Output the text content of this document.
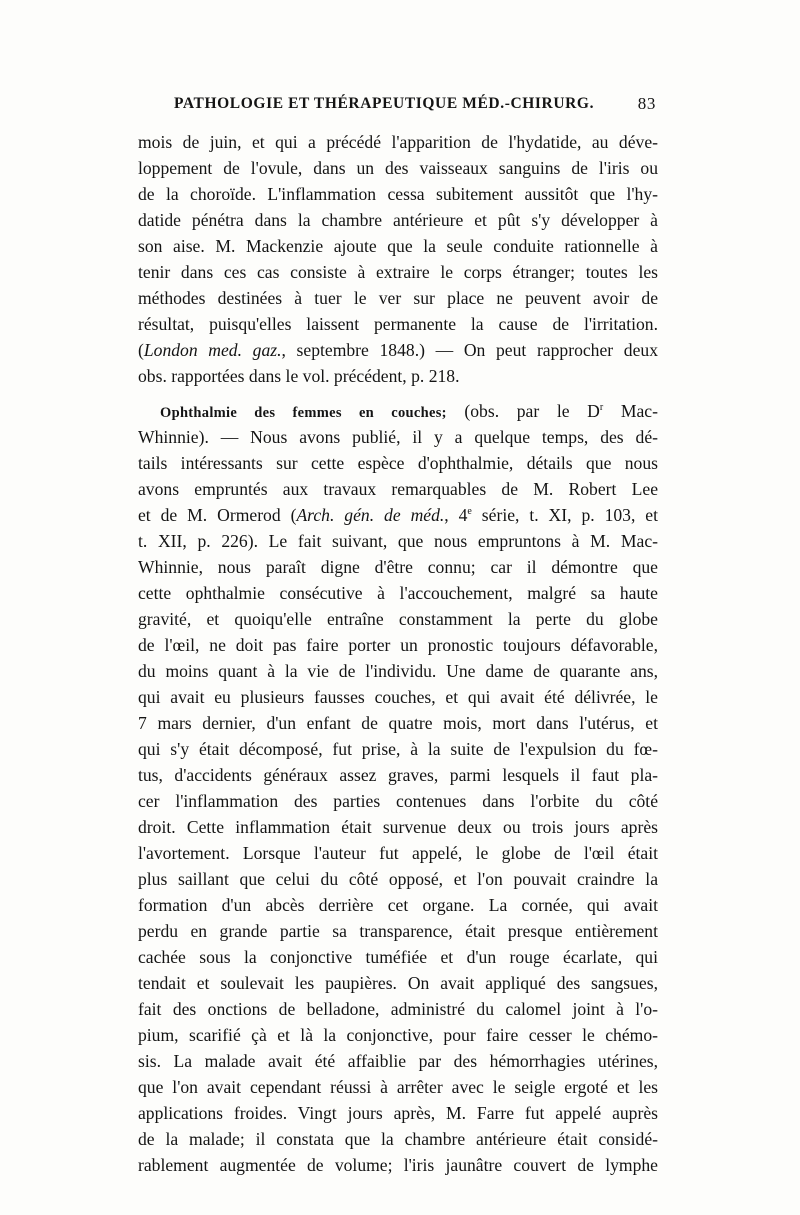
PATHOLOGIE ET THÉRAPEUTIQUE MÉD.-CHIRURG.	83
mois de juin, et qui a précédé l'apparition de l'hydatide, au déve-
loppement de l'ovule, dans un des vaisseaux sanguins de l'iris ou
de la choroïde. L'inflammation cessa subitement aussitôt que l'hy-
datide pénétra dans la chambre antérieure et pût s'y développer à
son aise. M. Mackenzie ajoute que la seule conduite rationnelle à
tenir dans ces cas consiste à extraire le corps étranger; toutes les
méthodes destinées à tuer le ver sur place ne peuvent avoir de
résultat, puisqu'elles laissent permanente la cause de l'irritation.
(London med. gaz., septembre 1848.) — On peut rapprocher deux
obs. rapportées dans le vol. précédent, p. 218.
Ophthalmie des femmes en couches; (obs. par le $D^r$ Mac-
Whinnie). — Nous avons publié, il y a quelque temps, des dé-
tails intéressants sur cette espèce d'ophthalmie, détails que nous
avons empruntés aux travaux remarquables de M. Robert Lee
et de M. Ormerod (Arch. gén. de méd., 4e série, t. XI, p. 103, et
t. XII, p. 226). Le fait suivant, que nous empruntons à M. Mac-
Whinnie, nous paraît digne d'être connu; car il démontre que
cette ophthalmie consécutive à l'accouchement, malgré sa haute
gravité, et quoiqu'elle entraîne constamment la perte du globe
de l'œil, ne doit pas faire porter un pronostic toujours défavorable,
du moins quant à la vie de l'individu. Une dame de quarante ans,
qui avait eu plusieurs fausses couches, et qui avait été délivrée, le
7 mars dernier, d'un enfant de quatre mois, mort dans l'utérus, et
qui s'y était décomposé, fut prise, à la suite de l'expulsion du fœ-
tus, d'accidents généraux assez graves, parmi lesquels il faut pla-
cer l'inflammation des parties contenues dans l'orbite du côté
droit. Cette inflammation était survenue deux ou trois jours après
l'avortement. Lorsque l'auteur fut appelé, le globe de l'œil était
plus saillant que celui du côté opposé, et l'on pouvait craindre la
formation d'un abcès derrière cet organe. La cornée, qui avait
perdu en grande partie sa transparence, était presque entièrement
cachée sous la conjonctive tuméfiée et d'un rouge écarlate, qui
tendait et soulevait les paupières. On avait appliqué des sangsues,
fait des onctions de belladone, administré du calomel joint à l'o-
pium, scarifié çà et là la conjonctive, pour faire cesser le chémo-
sis. La malade avait été affaiblie par des hémorrhagies utérines,
que l'on avait cependant réussi à arrêter avec le seigle ergoté et les
applications froides. Vingt jours après, M. Farre fut appelé auprès
de la malade; il constata que la chambre antérieure était considé-
rablement augmentée de volume; l'iris jaunâtre couvert de lymphe
